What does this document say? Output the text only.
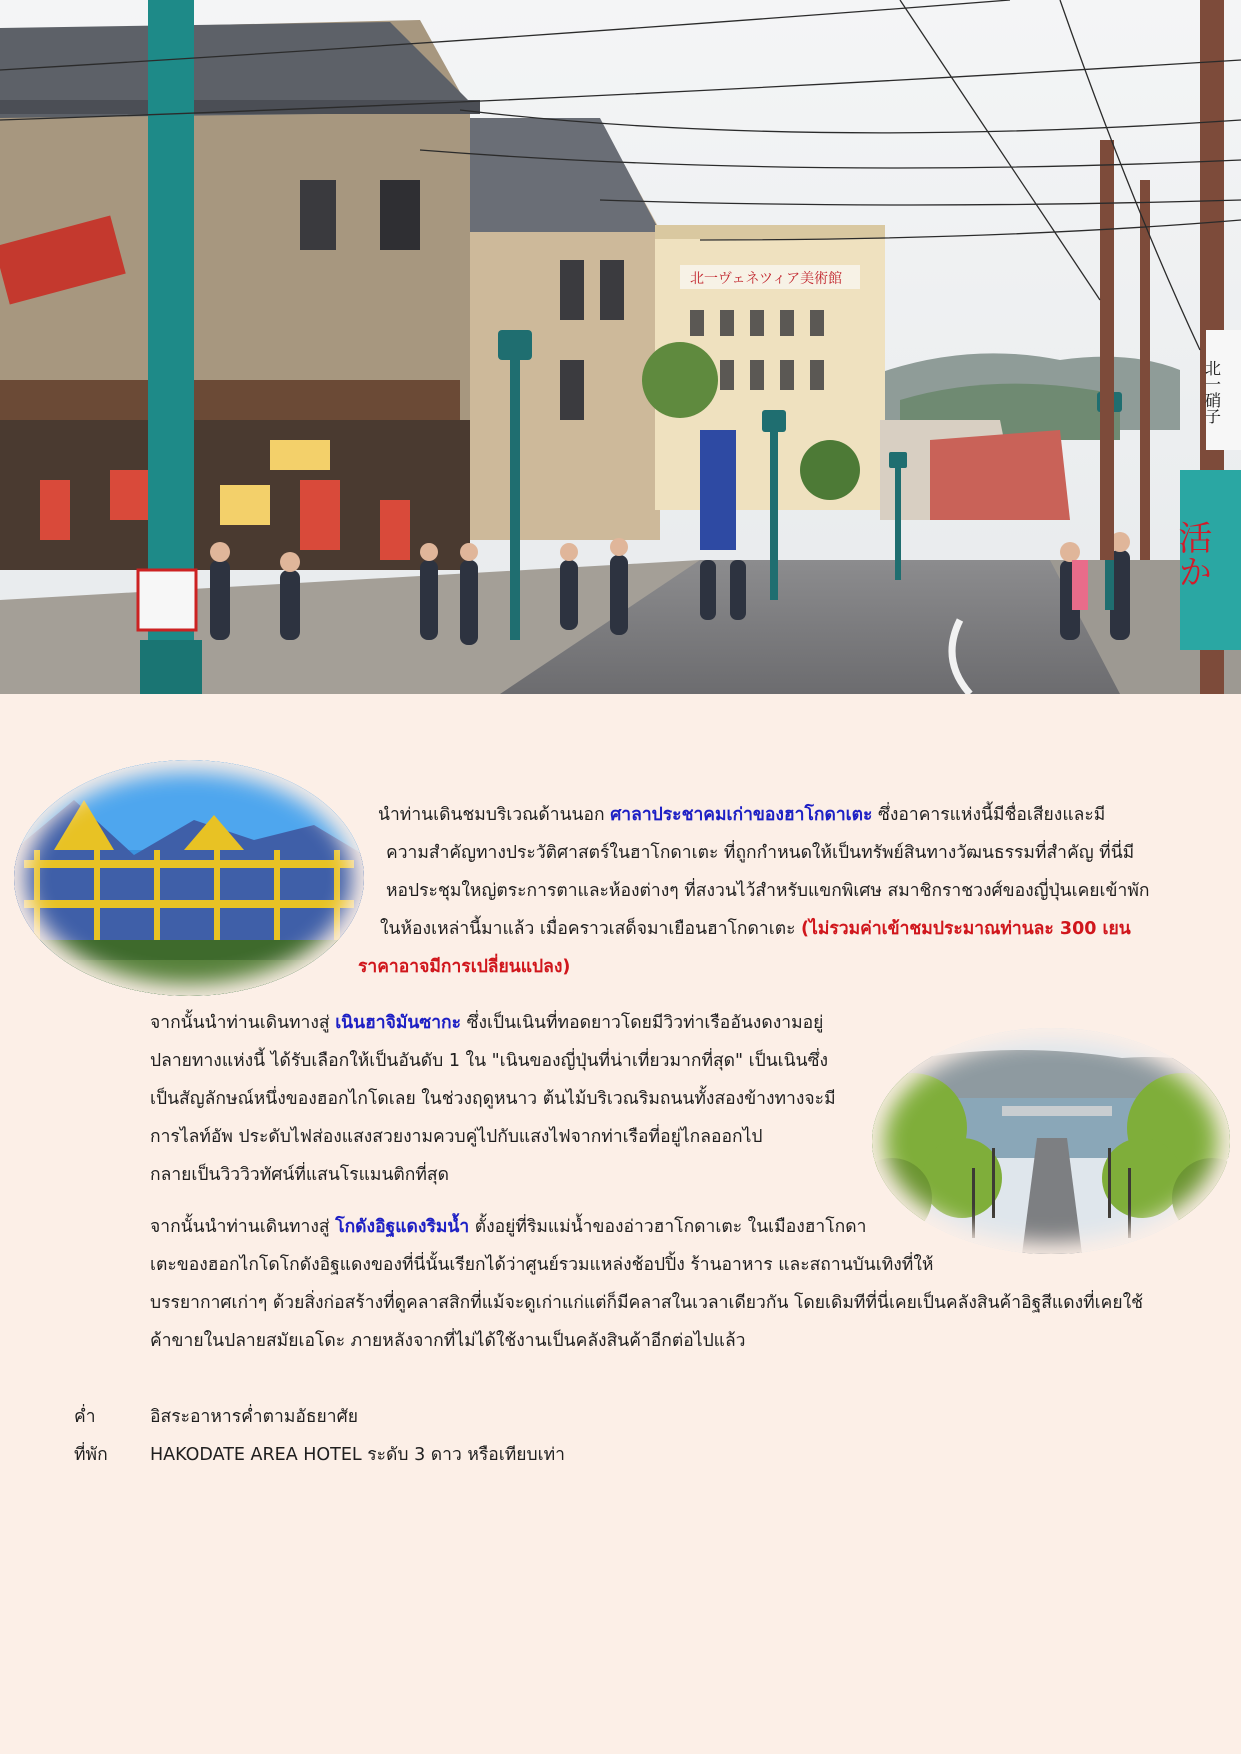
北一ヴェネツィア美術館
北一硝子
活か

นำท่านเดินชมบริเวณด้านนอก ศาลาประชาคมเก่าของฮาโกดาเตะ ซึ่งอาคารแห่งนี้มีชื่อเสียงและมี
ความสำคัญทางประวัติศาสตร์ในฮาโกดาเตะ ที่ถูกกำหนดให้เป็นทรัพย์สินทางวัฒนธรรมที่สำคัญ ที่นี่มี
หอประชุมใหญ่ตระการตาและห้องต่างๆ ที่สงวนไว้สำหรับแขกพิเศษ สมาชิกราชวงศ์ของญี่ปุ่นเคยเข้าพัก
ในห้องเหล่านี้มาแล้ว เมื่อคราวเสด็จมาเยือนฮาโกดาเตะ (ไม่รวมค่าเข้าชมประมาณท่านละ 300 เยน

ราคาอาจมีการเปลี่ยนแปลง)

จากนั้นนำท่านเดินทางสู่ เนินฮาจิมันซากะ ซึ่งเป็นเนินที่ทอดยาวโดยมีวิวท่าเรืออันงดงามอยู่
ปลายทางแห่งนี้ ได้รับเลือกให้เป็นอันดับ 1 ใน "เนินของญี่ปุ่นที่น่าเที่ยวมากที่สุด" เป็นเนินซึ่ง
เป็นสัญลักษณ์หนึ่งของฮอกไกโดเลย ในช่วงฤดูหนาว ต้นไม้บริเวณริมถนนทั้งสองข้างทางจะมี
การไลท์อัพ ประดับไฟส่องแสงสวยงามควบคู่ไปกับแสงไฟจากท่าเรือที่อยู่ไกลออกไป
กลายเป็นวิววิวทัศน์ที่แสนโรแมนติกที่สุด

จากนั้นนำท่านเดินทางสู่ โกดังอิฐแดงริมน้ำ ตั้งอยู่ที่ริมแม่น้ำของอ่าวฮาโกดาเตะ ในเมืองฮาโกดา
เตะของฮอกไกโดโกดังอิฐแดงของที่นี่นั้นเรียกได้ว่าศูนย์รวมแหล่งช้อปปิ้ง ร้านอาหาร และสถานบันเทิงที่ให้
บรรยากาศเก่าๆ ด้วยสิ่งก่อสร้างที่ดูคลาสสิกที่แม้จะดูเก่าแก่แต่ก็มีคลาสในเวลาเดียวกัน โดยเดิมทีที่นี่เคยเป็นคลังสินค้าอิฐสีแดงที่เคยใช้
ค้าขายในปลายสมัยเอโดะ ภายหลังจากที่ไม่ได้ใช้งานเป็นคลังสินค้าอีกต่อไปแล้ว

ค่ำ	อิสระอาหารค่ำตามอัธยาศัย
ที่พัก HAKODATE AREA HOTEL ระดับ 3 ดาว หรือเทียบเท่า
